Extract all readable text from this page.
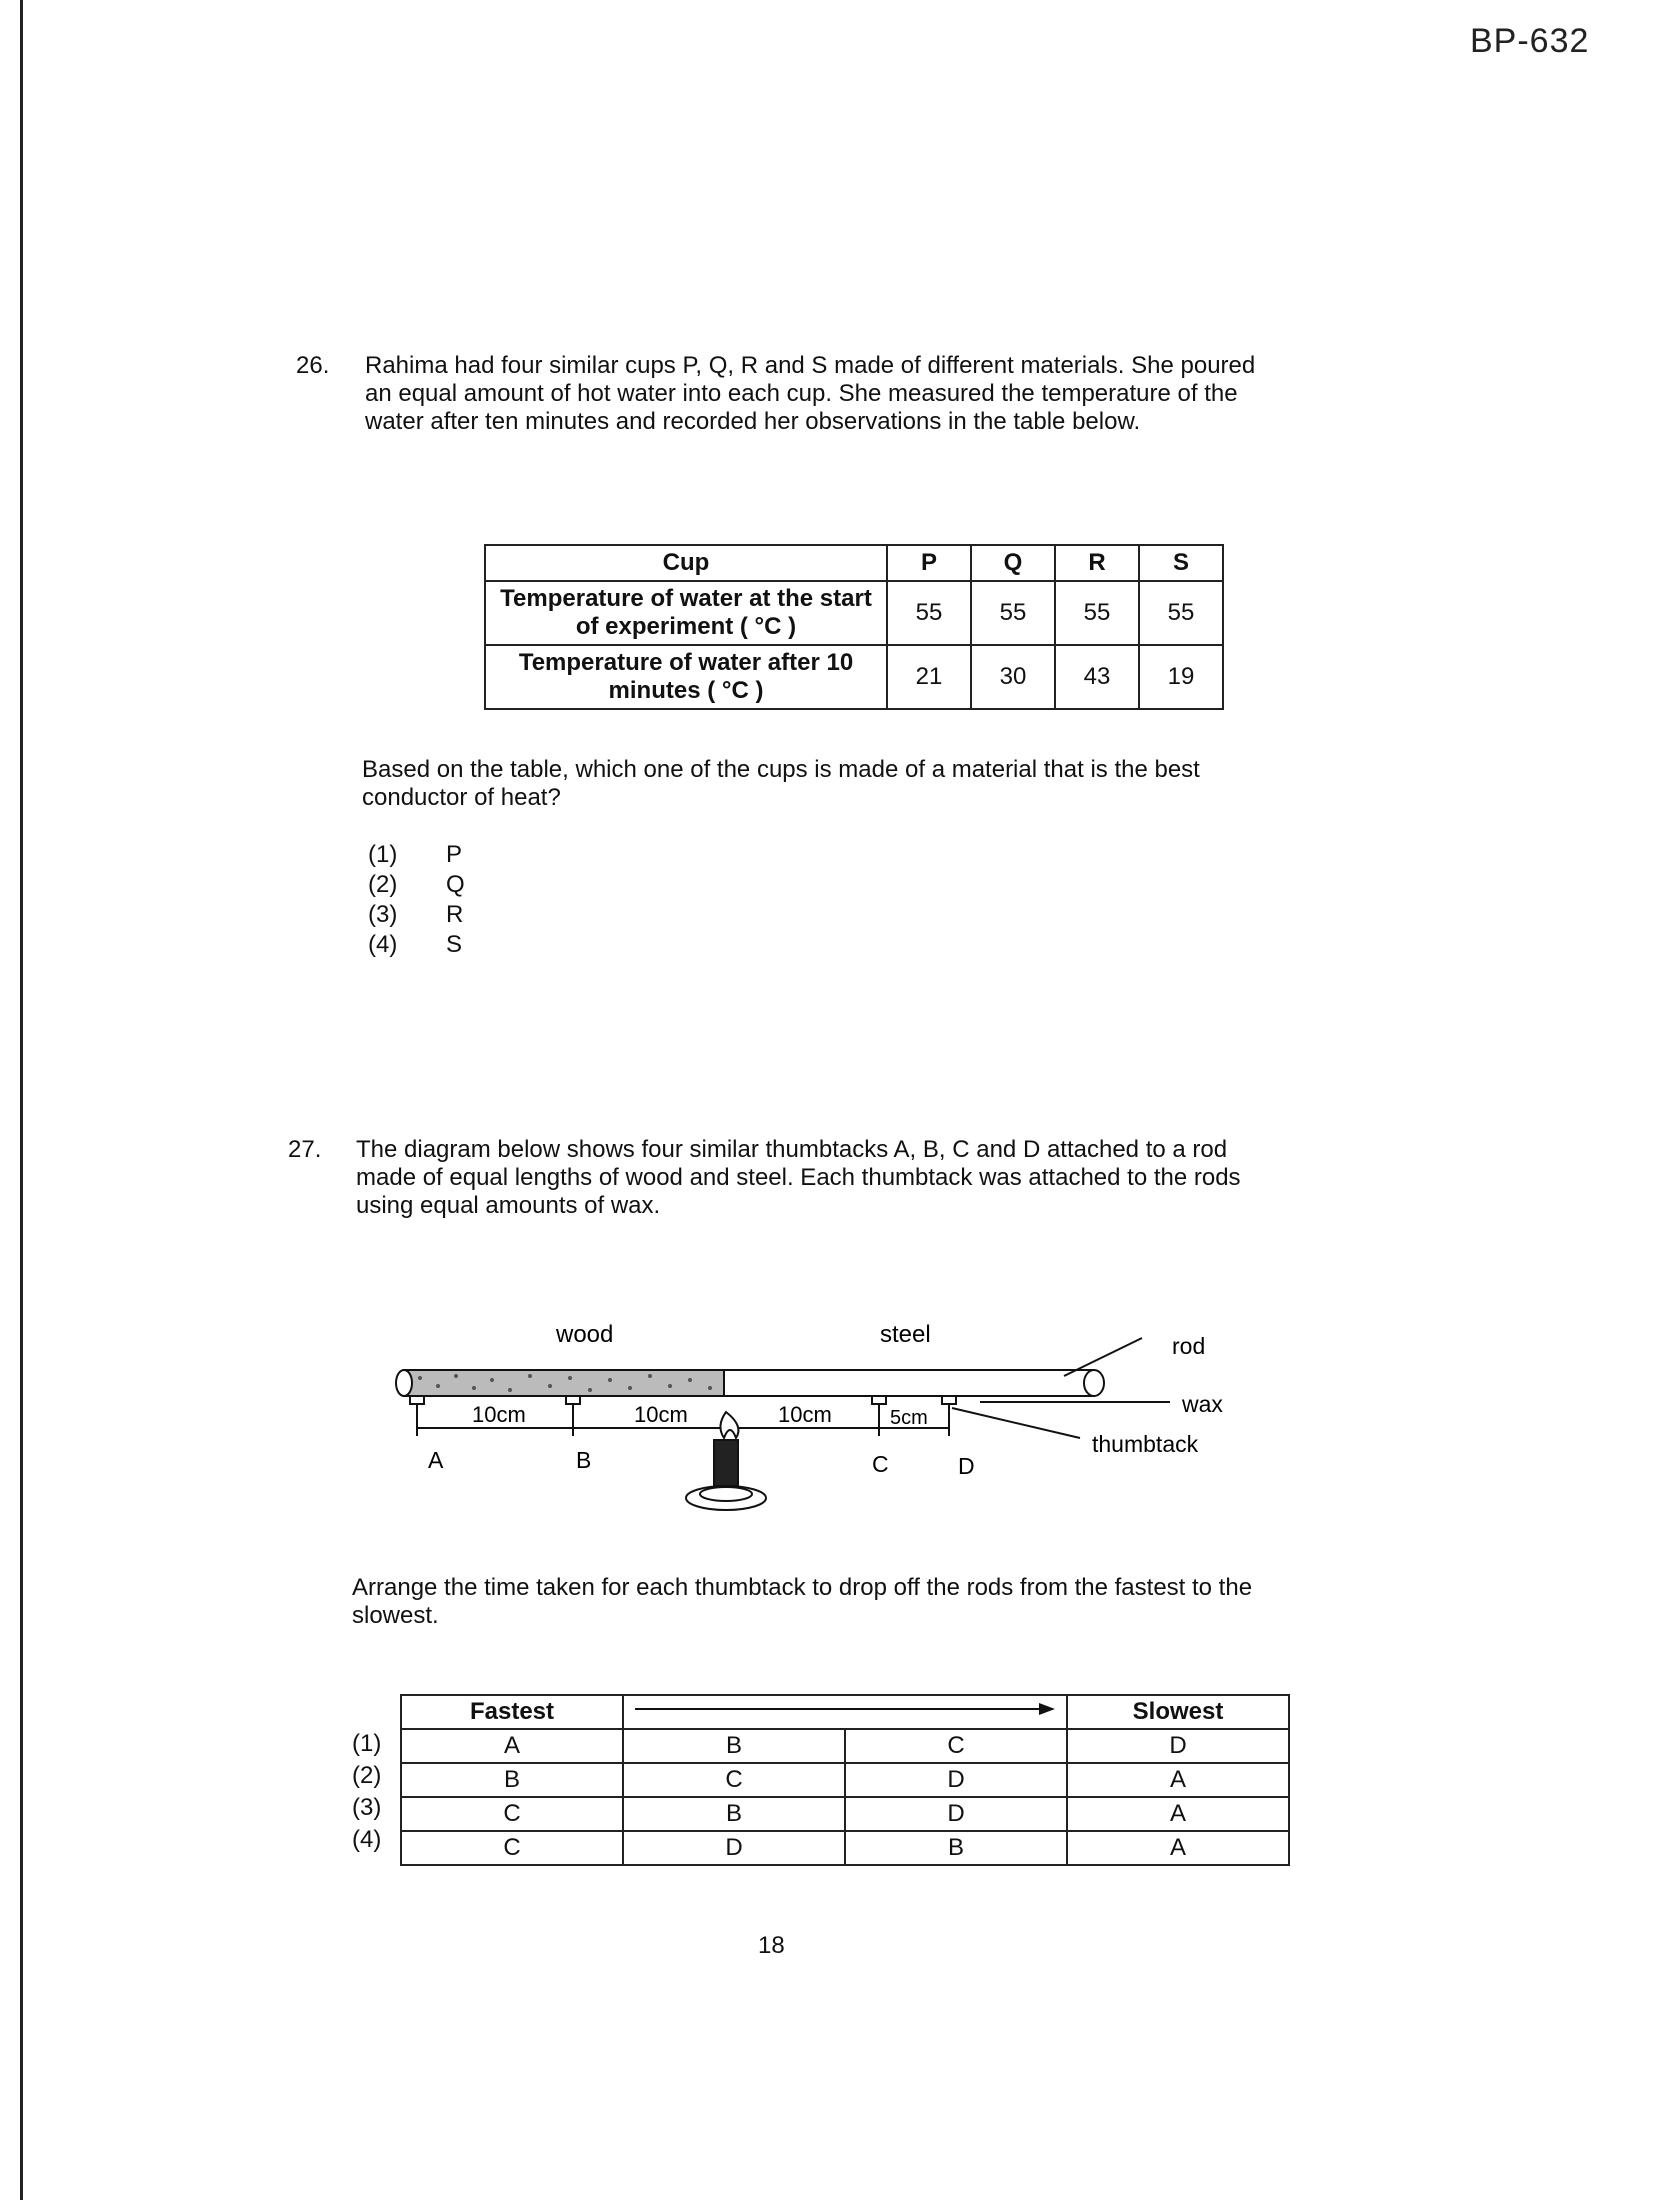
BP-632
26. Rahima had four similar cups P, Q, R and S made of different materials. She poured an equal amount of hot water into each cup. She measured the temperature of the water after ten minutes and recorded her observations in the table below.
Cup	P	Q	R	S
Temperature of water at the start of experiment ( °C )	55	55	55	55
Temperature of water after 10 minutes ( °C )	21	30	43	19
Based on the table, which one of the cups is made of a material that is the best conductor of heat?
(1) P
(2) Q
(3) R
(4) S
27. The diagram below shows four similar thumbtacks A, B, C and D attached to a rod made of equal lengths of wood and steel. Each thumbtack was attached to the rods using equal amounts of wax.
wood	steel	rod
wax
thumbtack
10cm	10cm	10cm	5cm
A	B	C	D
Arrange the time taken for each thumbtack to drop off the rods from the fastest to the slowest.
(1)
(2)
(3)
(4)
Fastest			Slowest
A	B	C	D
B	C	D	A
C	B	D	A
C	D	B	A
18
